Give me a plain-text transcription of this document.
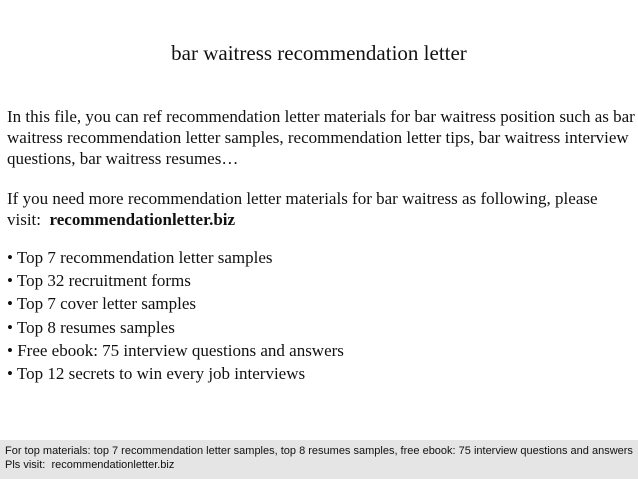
bar waitress recommendation letter

In this file, you can ref recommendation letter materials for bar waitress position such as bar waitress recommendation letter samples, recommendation letter tips, bar waitress interview questions, bar waitress resumes…

If you need more recommendation letter materials for bar waitress as following, please visit: recommendationletter.biz

• Top 7 recommendation letter samples
• Top 32 recruitment forms
• Top 7 cover letter samples
• Top 8 resumes samples
• Free ebook: 75 interview questions and answers
• Top 12 secrets to win every job interviews
For top materials: top 7 recommendation letter samples, top 8 resumes samples, free ebook: 75 interview questions and answers
Pls visit: recommendationletter.biz
